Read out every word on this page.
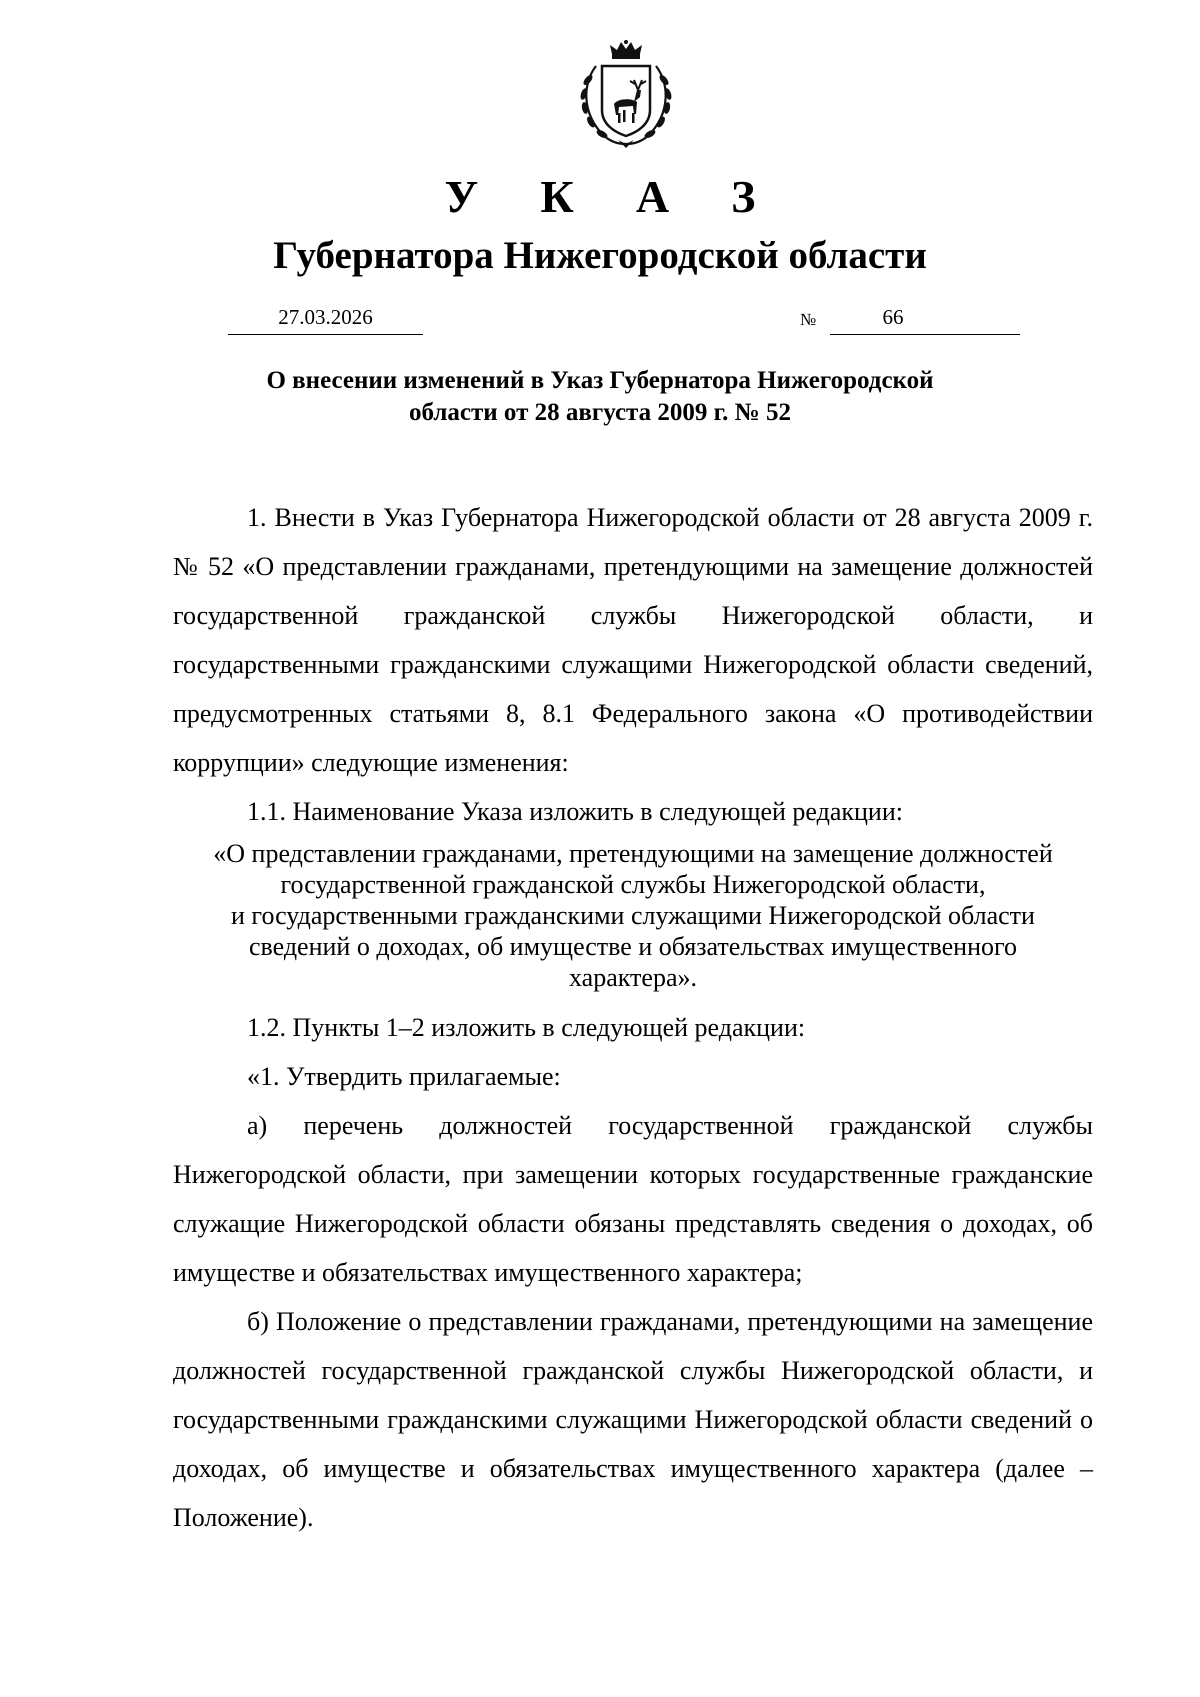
У К А З
Губернатора Нижегородской области
27.03.2026	№	66
О внесении изменений в Указ Губернатора Нижегородской
области от 28 августа 2009 г. № 52

1. Внести в Указ Губернатора Нижегородской области от 28 августа 2009 г. № 52 «О представлении гражданами, претендующими на замещение должностей государственной гражданской службы Нижегородской области, и государственными гражданскими служащими Нижегородской области сведений, предусмотренных статьями 8, 8.1 Федерального закона «О противодействии коррупции» следующие изменения:

1.1. Наименование Указа изложить в следующей редакции:

«О представлении гражданами, претендующими на замещение должностей
государственной гражданской службы Нижегородской области,
и государственными гражданскими служащими Нижегородской области
сведений о доходах, об имуществе и обязательствах имущественного
характера».

1.2. Пункты 1–2 изложить в следующей редакции:

«1. Утвердить прилагаемые:

а) перечень должностей государственной гражданской службы Нижегородской области, при замещении которых государственные гражданские служащие Нижегородской области обязаны представлять сведения о доходах, об имуществе и обязательствах имущественного характера;

б) Положение о представлении гражданами, претендующими на замещение должностей государственной гражданской службы Нижегородской области, и государственными гражданскими служащими Нижегородской области сведений о доходах, об имуществе и обязательствах имущественного характера (далее – Положение).
